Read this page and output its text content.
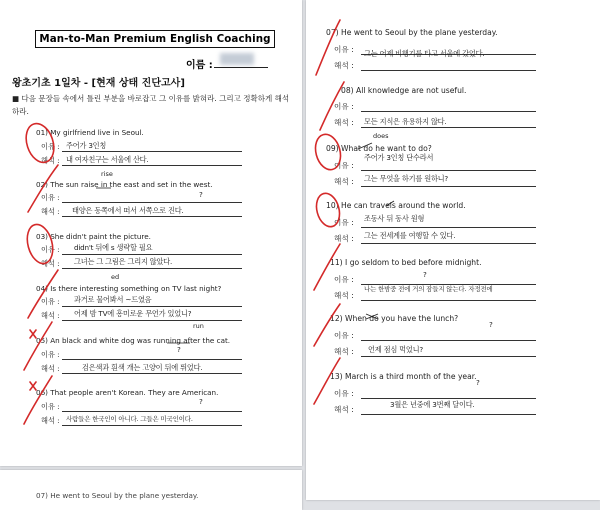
Man-to-Man Premium English Coaching
이름 :
왕초기초 1일차 - [현재 상태 진단고사]
■ 다음 문장들 속에서 틀린 부분을 바로잡고 그 이유를 밝혀라. 그리고 정확하게 해석하라.
01) My girlfriend live in Seoul.
이유 : 주어가 3인칭
해석 : 내 여자친구는 서울에 산다.
02) The sun raise in the east and set in the west.
rise
이유 :	?
해석 : 태양은 동쪽에서 떠서 서쪽으로 진다.
03) She didn't paint the picture.
이유 : didn't 뒤에 s 생략할 필요
해석 : 그녀는 그 그림은 그리지 않았다.
04) Is there interesting something on TV last night?
ed
이유 : 과거로 물어봐서 ~드였음
해석 : 어제 밤 TV에 흥미로운 무언가 있었니?
05) An black and white dog was running after the cat.
run
이유 :
?
해석 :	검은색과 흰색 개는 고양이 뒤에 뛰었다.
06) That people aren't Korean. They are American.
이유 :
?
해석 : 사람들은 한국인이 아니다. 그들은 미국인이다.
07) He went to Seoul by the plane yesterday.
이유 :
해석 :
그는 어제 비행기를 타고 서울에 갔었다.
08) All knowledge are not useful.
이유 :
해석 : 모든 지식은 유용하지 않다.
09) What do he want to do?
does
이유 :
주어가 3인칭 단수라서
해석 : 그는 무엇을 하기를 원하니?
10) He can travels around the world.
이유 : 조동사 뒤 동사 원형
해석 : 그는 전세계를 여행할 수 있다.
11) I go seldom to bed before midnight.
?
이유 :
해석 :
나는 한밤중 전에 거의 잠들지 않는다. 자정전에
12) When do you have the lunch?
?
이유 :
해석 : 언제 점심 먹었니?
13) March is a third month of the year.
?
이유 :
해석 :
3월은 년중에 3번째 달이다.
07) He went to Seoul by the plane yesterday.
